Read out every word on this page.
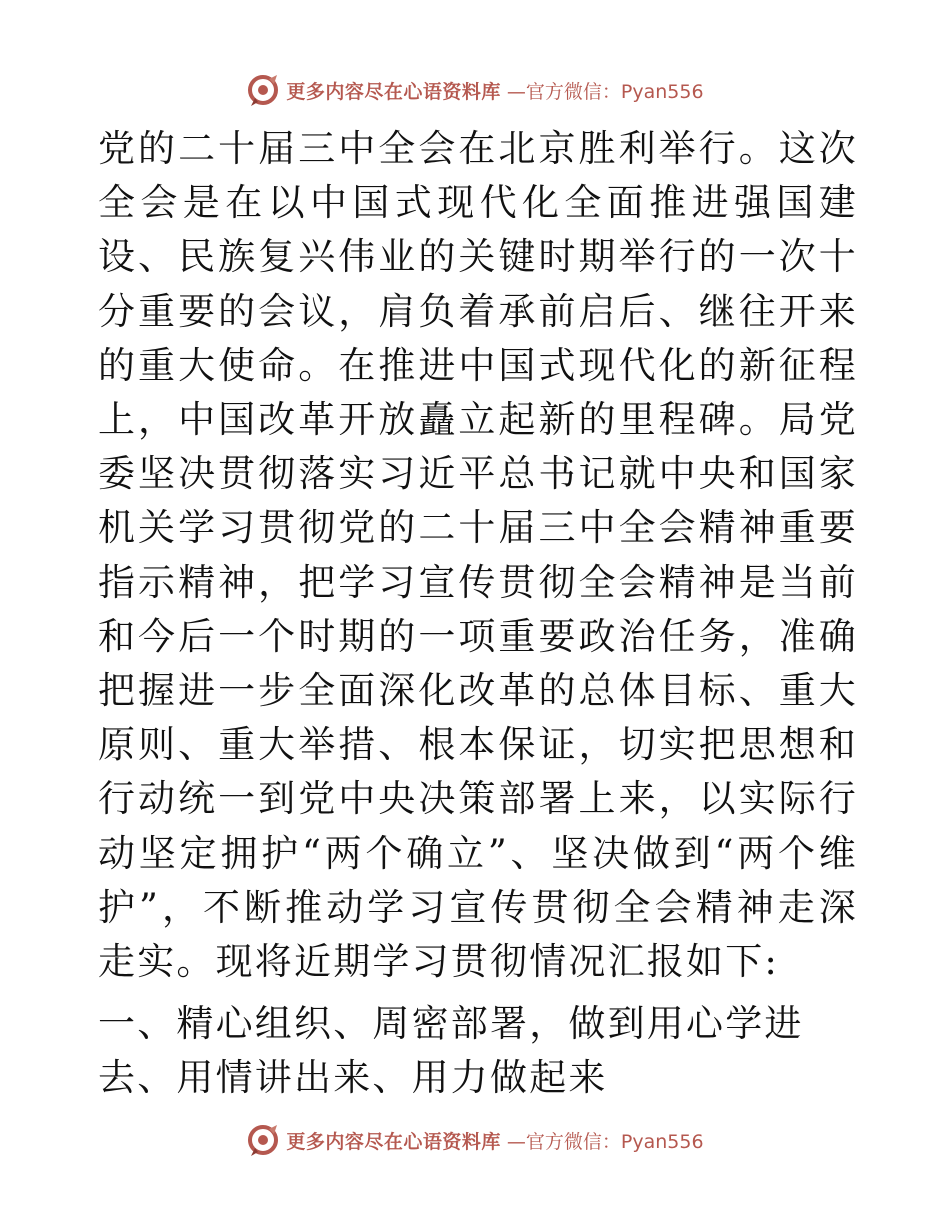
更多内容尽在心语资料库 —官方微信：Pyan556

党的二十届三中全会在北京胜利举行。这次全会是在以中国式现代化全面推进强国建设、民族复兴伟业的关键时期举行的一次十分重要的会议，肩负着承前启后、继往开来的重大使命。在推进中国式现代化的新征程上，中国改革开放矗立起新的里程碑。局党委坚决贯彻落实习近平总书记就中央和国家机关学习贯彻党的二十届三中全会精神重要指示精神，把学习宣传贯彻全会精神是当前和今后一个时期的一项重要政治任务，准确把握进一步全面深化改革的总体目标、重大原则、重大举措、根本保证，切实把思想和行动统一到党中央决策部署上来，以实际行动坚定拥护“两个确立”、坚决做到“两个维护”，不断推动学习宣传贯彻全会精神走深走实。现将近期学习贯彻情况汇报如下:

一、精心组织、周密部署，做到用心学进去、用情讲出来、用力做起来

更多内容尽在心语资料库 —官方微信：Pyan556
